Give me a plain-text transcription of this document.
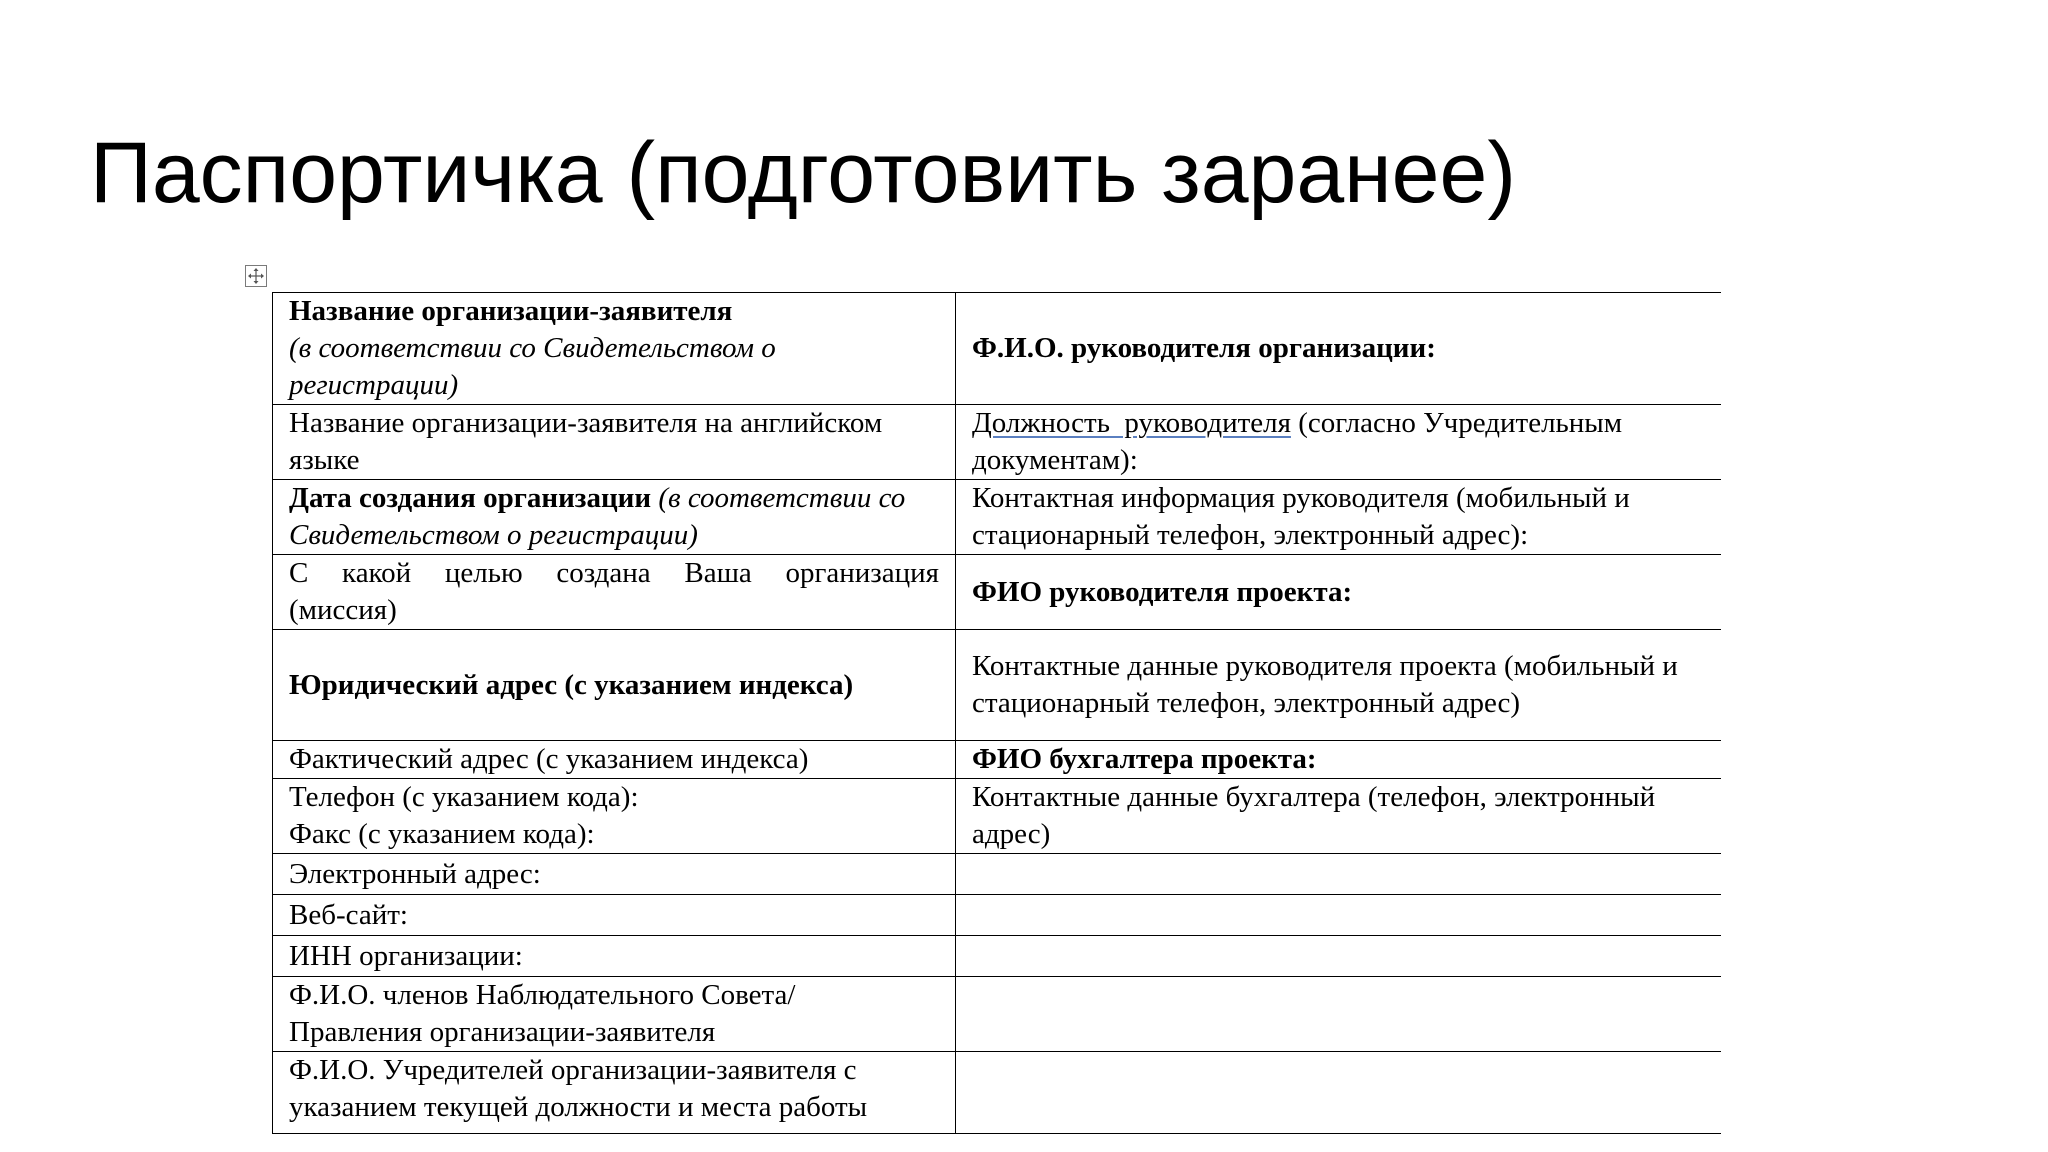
Паспортичка (подготовить заранее)
Название организации-заявителя
(в соответствии со Свидетельством о регистрации)	Ф.И.О. руководителя организации:
Название организации-заявителя на английском языке	Должность  руководителя (согласно Учредительным документам):
Дата создания организации (в соответствии со Свидетельством о регистрации)	Контактная информация руководителя (мобильный и стационарный телефон, электронный адрес):

С какой целью создана Ваша организация
(миссия)	ФИО руководителя проекта:
Юридический адрес (с указанием индекса)	Контактные данные руководителя проекта (мобильный и стационарный телефон, электронный адрес)
Фактический адрес (с указанием индекса)	ФИО бухгалтера проекта:

Телефон (с указанием кода):
Факс (с указанием кода):	Контактные данные бухгалтера (телефон, электронный адрес)
Электронный адрес:	
Веб-сайт:	
ИНН организации:	

Ф.И.О. членов Наблюдательного Совета/
Правления организации-заявителя	

Ф.И.О. Учредителей организации-заявителя с
указанием текущей должности и места работы	
